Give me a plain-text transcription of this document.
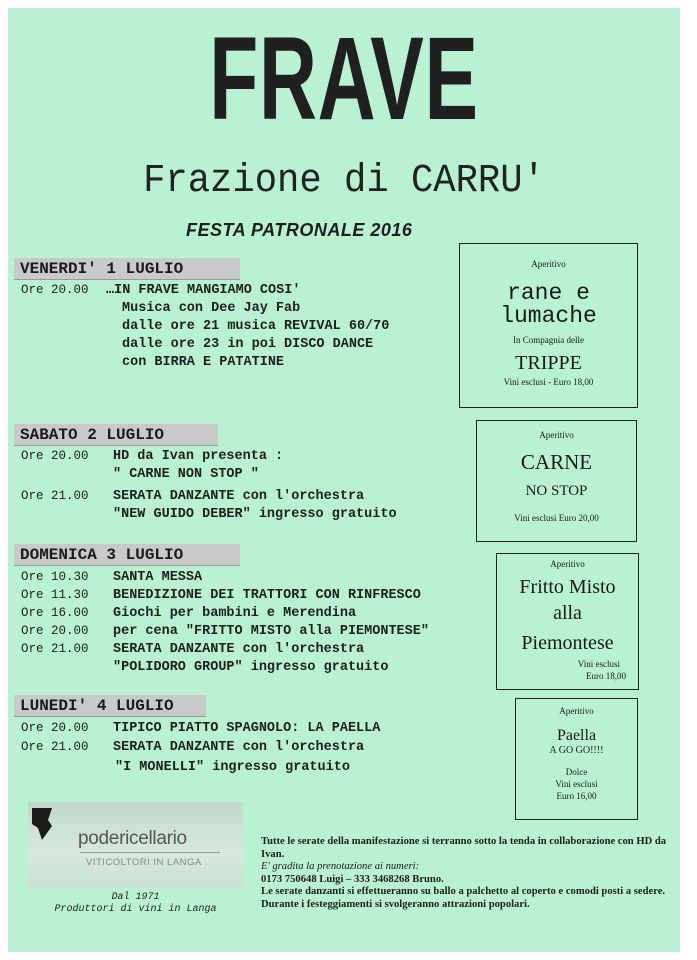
FRAVE
Frazione di CARRU'
FESTA PATRONALE 2016
VENERDI' 1 LUGLIO
Ore 20.00 …IN FRAVE MANGIAMO COSI'
Musica con Dee Jay Fab
dalle ore 21 musica REVIVAL 60/70
dalle ore 23 in poi DISCO DANCE
con BIRRA E PATATINE
Aperitivo
rane e lumache
In Compagnia delle
TRIPPE
Vini esclusi - Euro 18,00
SABATO 2 LUGLIO
Ore 20.00 HD da Ivan presenta :
" CARNE NON STOP "
Ore 21.00 SERATA DANZANTE con l'orchestra
"NEW GUIDO DEBER" ingresso gratuito
Aperitivo
CARNE
NO STOP
Vini esclusi Euro 20,00
DOMENICA 3 LUGLIO
Ore 10.30 SANTA MESSA
Ore 11.30 BENEDIZIONE DEI TRATTORI CON RINFRESCO
Ore 16.00 Giochi per bambini e Merendina
Ore 20.00 per cena "FRITTO MISTO alla PIEMONTESE"
Ore 21.00 SERATA DANZANTE con l'orchestra
"POLIDORO GROUP" ingresso gratuito
Aperitivo
Fritto Misto
alla
Piemontese
Vini esclusi
Euro 18,00
LUNEDI' 4 LUGLIO
Ore 20.00 TIPICO PIATTO SPAGNOLO: LA PAELLA
Ore 21.00 SERATA DANZANTE con l'orchestra
"I MONELLI" ingresso gratuito
Aperitivo
Paella
A GO GO!!!!
Dolce
Vini esclusi
Euro 16,00
podericellario
VITICOLTORI IN LANGA
Dal 1971
Produttori di vini in Langa
Tutte le serate della manifestazione si terranno sotto la tenda in collaborazione con HD da Ivan.
E' gradita la prenotazione ai numeri:
0173 750648 Luigi – 333 3468268 Bruno.
Le serate danzanti si effettueranno su ballo a palchetto al coperto e comodi posti a sedere.
Durante i festeggiamenti si svolgeranno attrazioni popolari.
